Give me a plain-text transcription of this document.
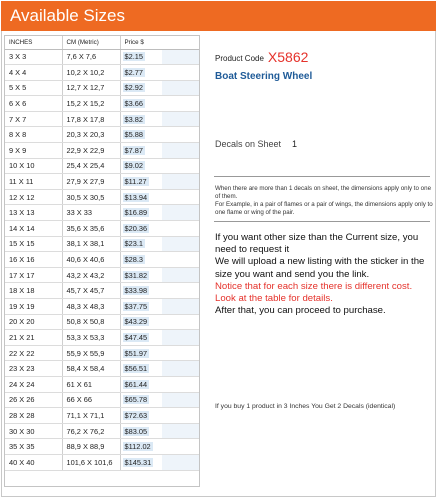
Available Sizes
INCHES	CM (Metric)	Price $	
3 X 3	7,6 X 7,6	$2.15	
4 X 4	10,2 X 10,2	$2.77	
5 X 5	12,7 X 12,7	$2.92	
6 X 6	15,2 X 15,2	$3.66	
7 X 7	17,8 X 17,8	$3.82	
8 X 8	20,3 X 20,3	$5.88	
9 X 9	22,9 X 22,9	$7.87	
10 X 10	25,4 X 25,4	$9.02	
11 X 11	27,9 X 27,9	$11.27	
12 X 12	30,5 X 30,5	$13.94	
13 X 13	33 X 33	$16.89	
14 X 14	35,6 X 35,6	$20.36	
15 X 15	38,1 X 38,1	$23.1	
16 X 16	40,6 X 40,6	$28.3	
17 X 17	43,2 X 43,2	$31.82	
18 X 18	45,7 X 45,7	$33.98	
19 X 19	48,3 X 48,3	$37.75	
20 X 20	50,8 X 50,8	$43.29	
21 X 21	53,3 X 53,3	$47.45	
22 X 22	55,9 X 55,9	$51.97	
23 X 23	58,4 X 58,4	$56.51	
24 X 24	61 X 61	$61.44	
26 X 26	66 X 66	$65.78	
28 X 28	71,1 X 71,1	$72.63	
30 X 30	76,2 X 76,2	$83.05	
35 X 35	88,9 X 88,9	$112.02	
40 X 40	101,6 X 101,6	$145.31	
Product Code X5862
Boat Steering Wheel
Decals on Sheet 1

When there are more than 1 decals on sheet, the dimensions apply only to one of them.

For Example, in a pair of flames or a pair of wings, the dimensions apply only to one flame or wing of the pair.

If you want other size than the Current size, you need to request it

We will upload a new listing with the sticker in the size you want and send you the link.

Notice that for each size there is different cost. Look at the table for details.

After that, you can proceed to purchase.

If you buy 1 product in 3 Inches You Get 2 Decals (identical)
